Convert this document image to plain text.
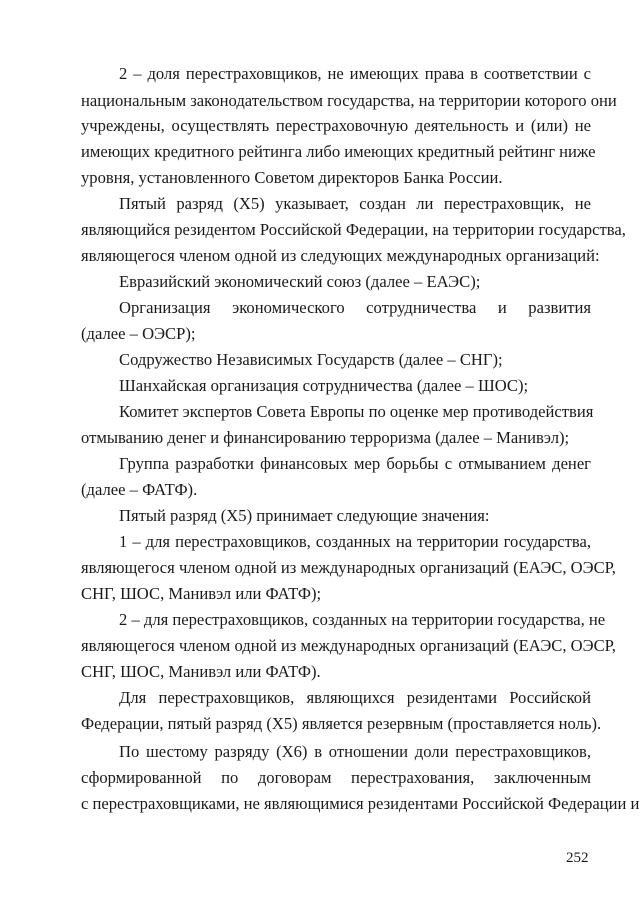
2 – доля перестраховщиков, не имеющих права в соответствии с
национальным законодательством государства, на территории которого они
учреждены, осуществлять перестраховочную деятельность и (или) не
имеющих кредитного рейтинга либо имеющих кредитный рейтинг ниже
уровня, установленного Советом директоров Банка России.
Пятый разряд (X5) указывает, создан ли перестраховщик, не
являющийся резидентом Российской Федерации, на территории государства,
являющегося членом одной из следующих международных организаций:
Евразийский экономический союз (далее – ЕАЭС);
Организация экономического сотрудничества и развития
(далее – ОЭСР);
Содружество Независимых Государств (далее – СНГ);
Шанхайская организация сотрудничества (далее – ШОС);
Комитет экспертов Совета Европы по оценке мер противодействия
отмыванию денег и финансированию терроризма (далее – Манивэл);
Группа разработки финансовых мер борьбы с отмыванием денег
(далее – ФАТФ).
Пятый разряд (X5) принимает следующие значения:
1 – для перестраховщиков, созданных на территории государства,
являющегося членом одной из международных организаций (ЕАЭС, ОЭСР,
СНГ, ШОС, Манивэл или ФАТФ);
2 – для перестраховщиков, созданных на территории государства, не
являющегося членом одной из международных организаций (ЕАЭС, ОЭСР,
СНГ, ШОС, Манивэл или ФАТФ).
Для перестраховщиков, являющихся резидентами Российской
Федерации, пятый разряд (X5) является резервным (проставляется ноль).
По шестому разряду (X6) в отношении доли перестраховщиков,
сформированной по договорам перестрахования, заключенным
с перестраховщиками, не являющимися резидентами Российской Федерации и
252
